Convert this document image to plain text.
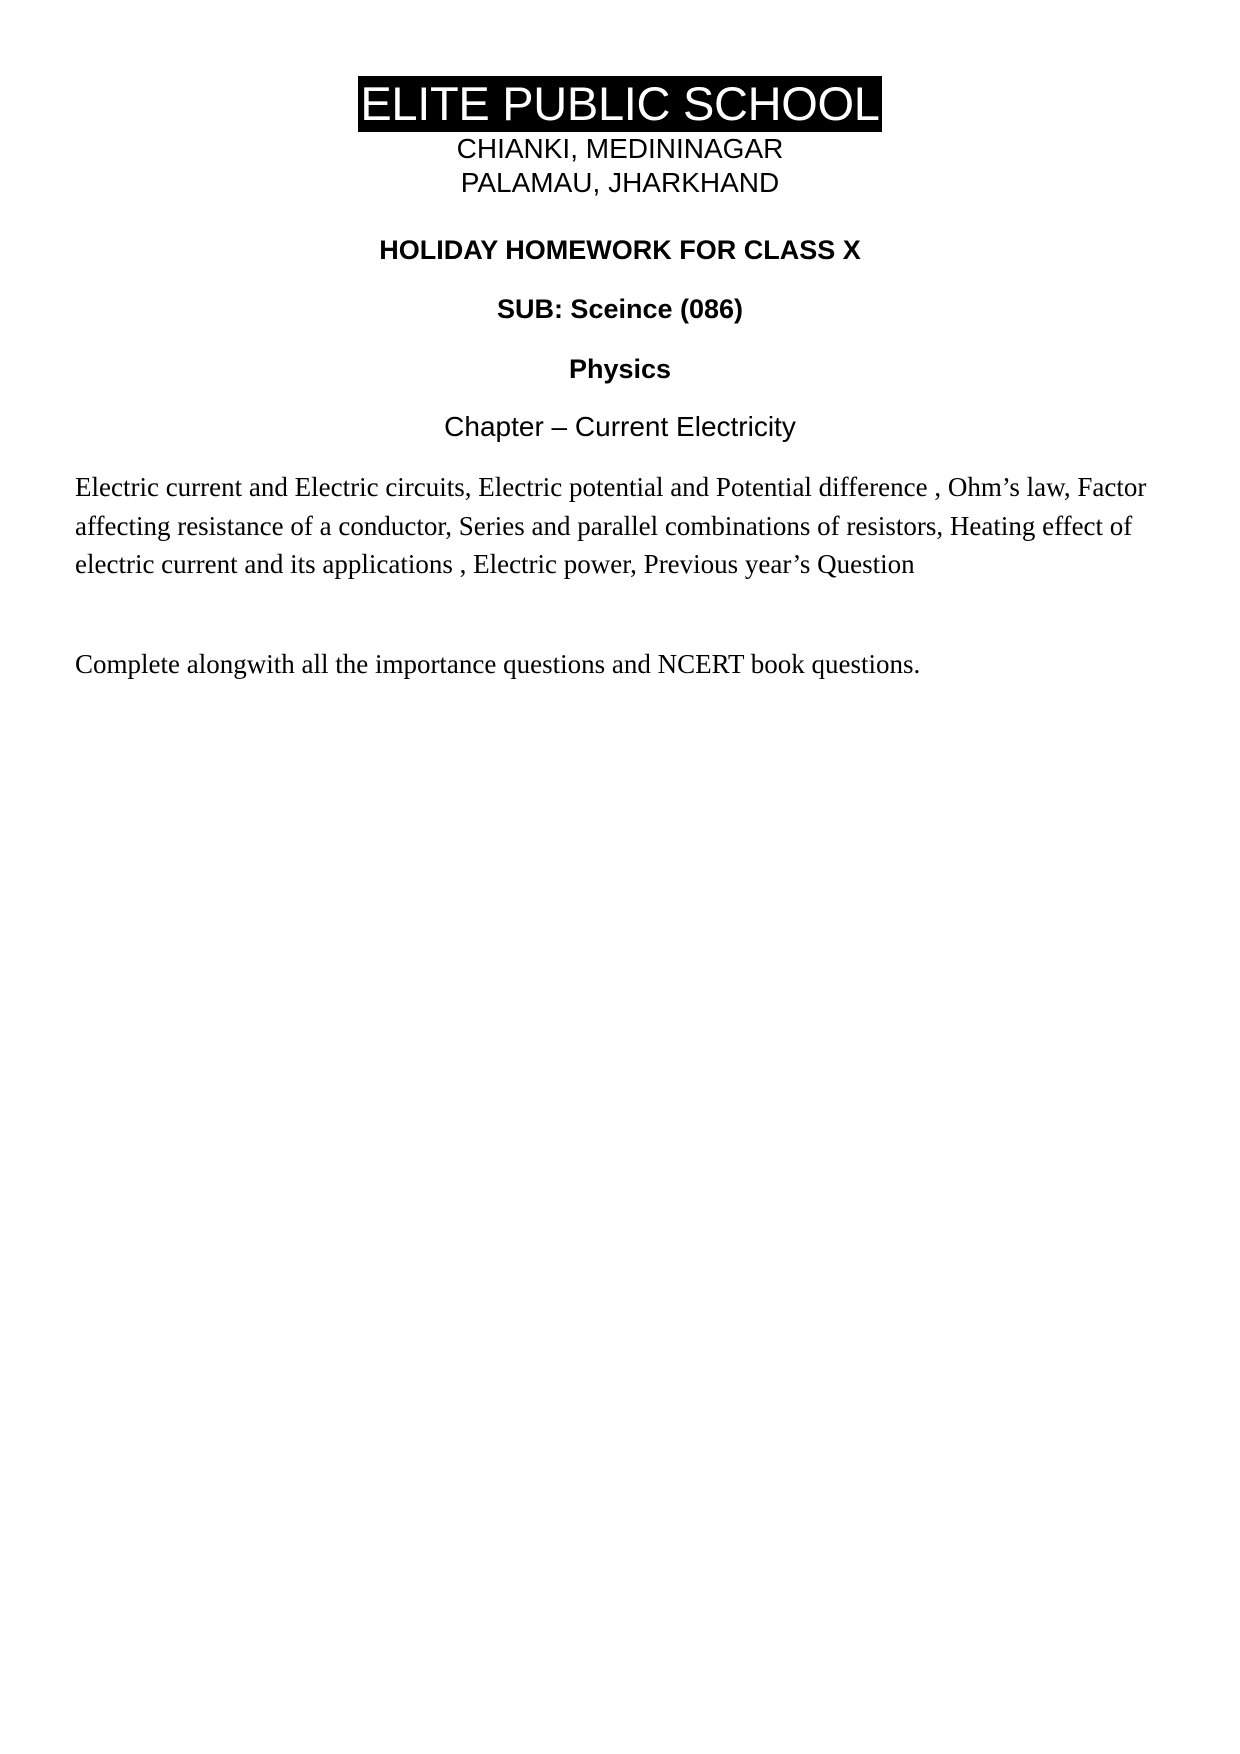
ELITE PUBLIC SCHOOL
CHIANKI, MEDININAGAR
PALAMAU, JHARKHAND
HOLIDAY HOMEWORK FOR CLASS X
SUB: Sceince (086)
Physics
Chapter – Current Electricity

Electric current and Electric circuits, Electric potential and Potential difference , Ohm’s law, Factor affecting resistance of a conductor, Series and parallel combinations of resistors, Heating effect of electric current and its applications , Electric power, Previous year’s Question

Complete alongwith all the importance questions and NCERT book questions.
